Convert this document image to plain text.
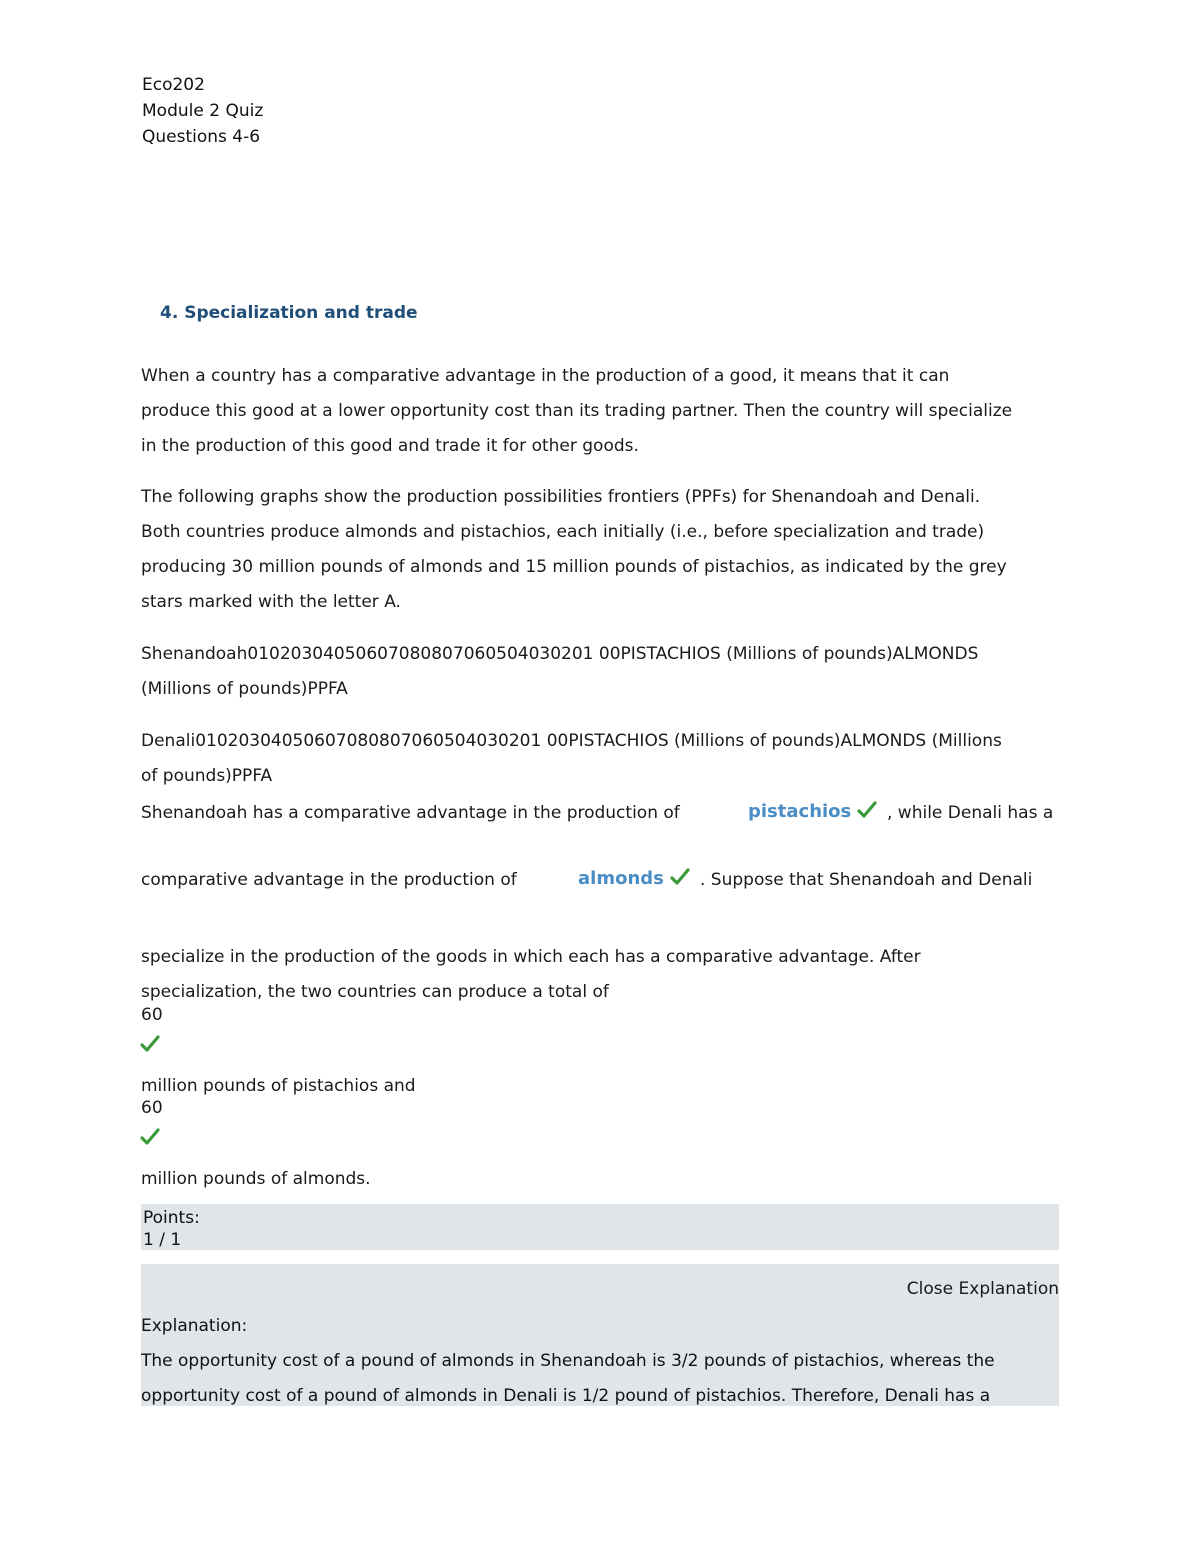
Eco202
Module 2 Quiz
Questions 4-6
4. Specialization and trade
When a country has a comparative advantage in the production of a good, it means that it can
produce this good at a lower opportunity cost than its trading partner. Then the country will specialize
in the production of this good and trade it for other goods.
The following graphs show the production possibilities frontiers (PPFs) for Shenandoah and Denali.
Both countries produce almonds and pistachios, each initially (i.e., before specialization and trade)
producing 30 million pounds of almonds and 15 million pounds of pistachios, as indicated by the grey
stars marked with the letter A.
Shenandoah01020304050607080807060504030201 00PISTACHIOS (Millions of pounds)ALMONDS
(Millions of pounds)PPFA
Denali01020304050607080807060504030201 00PISTACHIOS (Millions of pounds)ALMONDS (Millions
of pounds)PPFA
Shenandoah has a comparative advantage in the production of	pistachios	, while Denali has a
comparative advantage in the production of	almonds	. Suppose that Shenandoah and Denali
specialize in the production of the goods in which each has a comparative advantage. After
specialization, the two countries can produce a total of
60
million pounds of pistachios and
60
million pounds of almonds.
Points:
1 / 1
Close Explanation
Explanation:
The opportunity cost of a pound of almonds in Shenandoah is 3/2 pounds of pistachios, whereas the
opportunity cost of a pound of almonds in Denali is 1/2 pound of pistachios. Therefore, Denali has a
